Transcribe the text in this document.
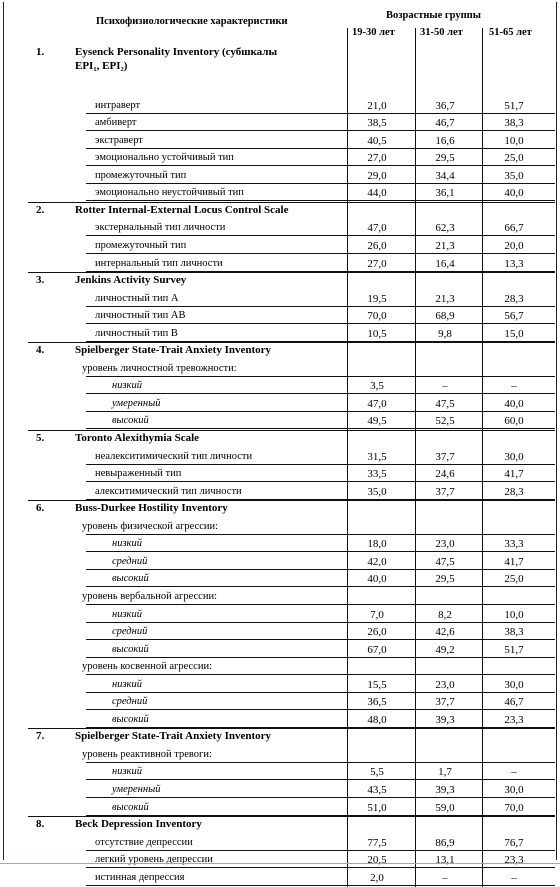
Психофизиологические характеристики
Возрастные группы
19-30 лет 31-50 лет 51-65 лет
1.	Eysenck Personality Inventory (субшкалы
EPI₁, EPI₂)
интраверт	21,0	36,7	51,7
амбиверт	38,5	46,7	38,3
экстраверт	40,5	16,6	10,0
эмоционально устойчивый тип	27,0	29,5	25,0
промежуточный тип	29,0	34,4	35,0
эмоционально неустойчивый тип	44,0	36,1	40,0
2.	Rotter Internal-External Locus Control Scale
экстернальный тип личности	47,0	62,3	66,7
промежуточный тип	26,0	21,3	20,0
интернальный тип личности	27,0	16,4	13,3
3.	Jenkins Activity Survey
личностный тип А	19,5	21,3	28,3
личностный тип АВ	70,0	68,9	56,7
личностный тип В	10,5	9,8	15,0
4.	Spielberger State-Trait Anxiety Inventory
уровень личностной тревожности:
низкий	3,5	–	–
умеренный	47,0	47,5	40,0
высокий	49,5	52,5	60,0
5.	Toronto Alexithymia Scale
неалекситимический тип личности	31,5	37,7	30,0
невыраженный тип	33,5	24,6	41,7
алекситимический тип личности	35,0	37,7	28,3
6.	Buss-Durkee Hostility Inventory
уровень физической агрессии:
низкий	18,0	23,0	33,3
средний	42,0	47,5	41,7
высокий	40,0	29,5	25,0
уровень вербальной агрессии:
низкий	7,0	8,2	10,0
средний	26,0	42,6	38,3
высокий	67,0	49,2	51,7
уровень косвенной агрессии:
низкий	15,5	23,0	30,0
средний	36,5	37,7	46,7
высокий	48,0	39,3	23,3
7.	Spielberger State-Trait Anxiety Inventory
уровень реактивной тревоги:
низкий	5,5	1,7	–
умеренный	43,5	39,3	30,0
высокий	51,0	59,0	70,0
8.	Beck Depression Inventory
отсутствие депрессии	77,5	86,9	76,7
легкий уровень депрессии	20,5	13,1	23,3
истинная депрессия	2,0	–	–
